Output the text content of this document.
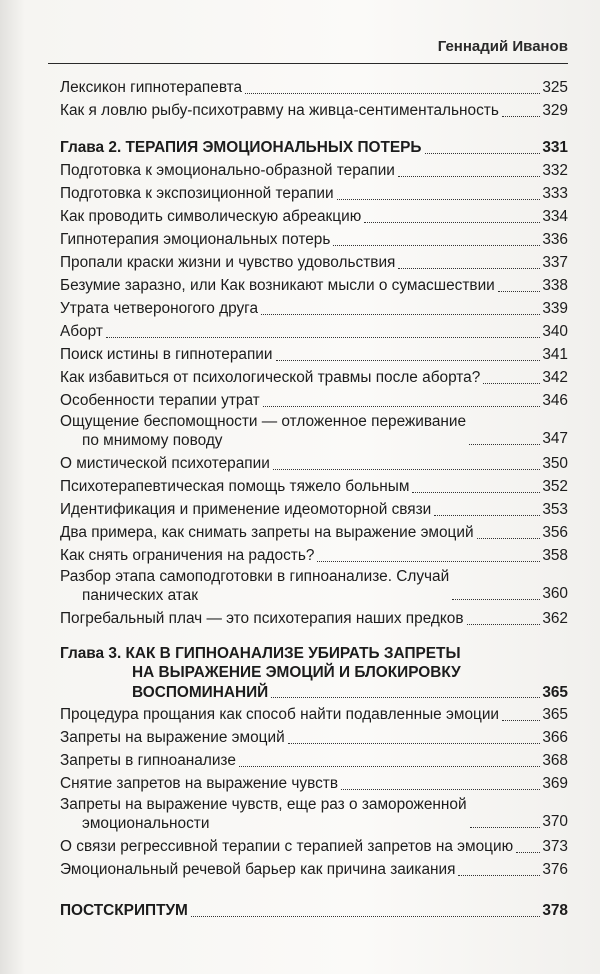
Геннадий Иванов
Лексикон гипнотерапевта	325
Как я ловлю рыбу-психотравму на живца-сентиментальность	329
Глава 2. ТЕРАПИЯ ЭМОЦИОНАЛЬНЫХ ПОТЕРЬ	331
Подготовка к эмоционально-образной терапии	332
Подготовка к экспозиционной терапии	333
Как проводить символическую абреакцию	334
Гипнотерапия эмоциональных потерь	336
Пропали краски жизни и чувство удовольствия	337
Безумие заразно, или Как возникают мысли о сумасшествии	338
Утрата четвероногого друга	339
Аборт	340
Поиск истины в гипнотерапии	341
Как избавиться от психологической травмы после аборта?	342
Особенности терапии утрат	346
Ощущение беспомощности — отложенное переживание
по мнимому поводу	347
О мистической психотерапии	350
Психотерапевтическая помощь тяжело больным	352
Идентификация и применение идеомоторной связи	353
Два примера, как снимать запреты на выражение эмоций	356
Как снять ограничения на радость?	358
Разбор этапа самоподготовки в гипноанализе. Случай
панических атак	360
Погребальный плач — это психотерапия наших предков	362
Глава 3. КАК В ГИПНОАНАЛИЗЕ УБИРАТЬ ЗАПРЕТЫ
НА ВЫРАЖЕНИЕ ЭМОЦИЙ И БЛОКИРОВКУ
ВОСПОМИНАНИЙ	365
Процедура прощания как способ найти подавленные эмоции	365
Запреты на выражение эмоций	366
Запреты в гипноанализе	368
Снятие запретов на выражение чувств	369
Запреты на выражение чувств, еще раз о замороженной
эмоциональности	370
О связи регрессивной терапии с терапией запретов на эмоцию 373
Эмоциональный речевой барьер как причина заикания	376
ПОСТСКРИПТУМ	378
